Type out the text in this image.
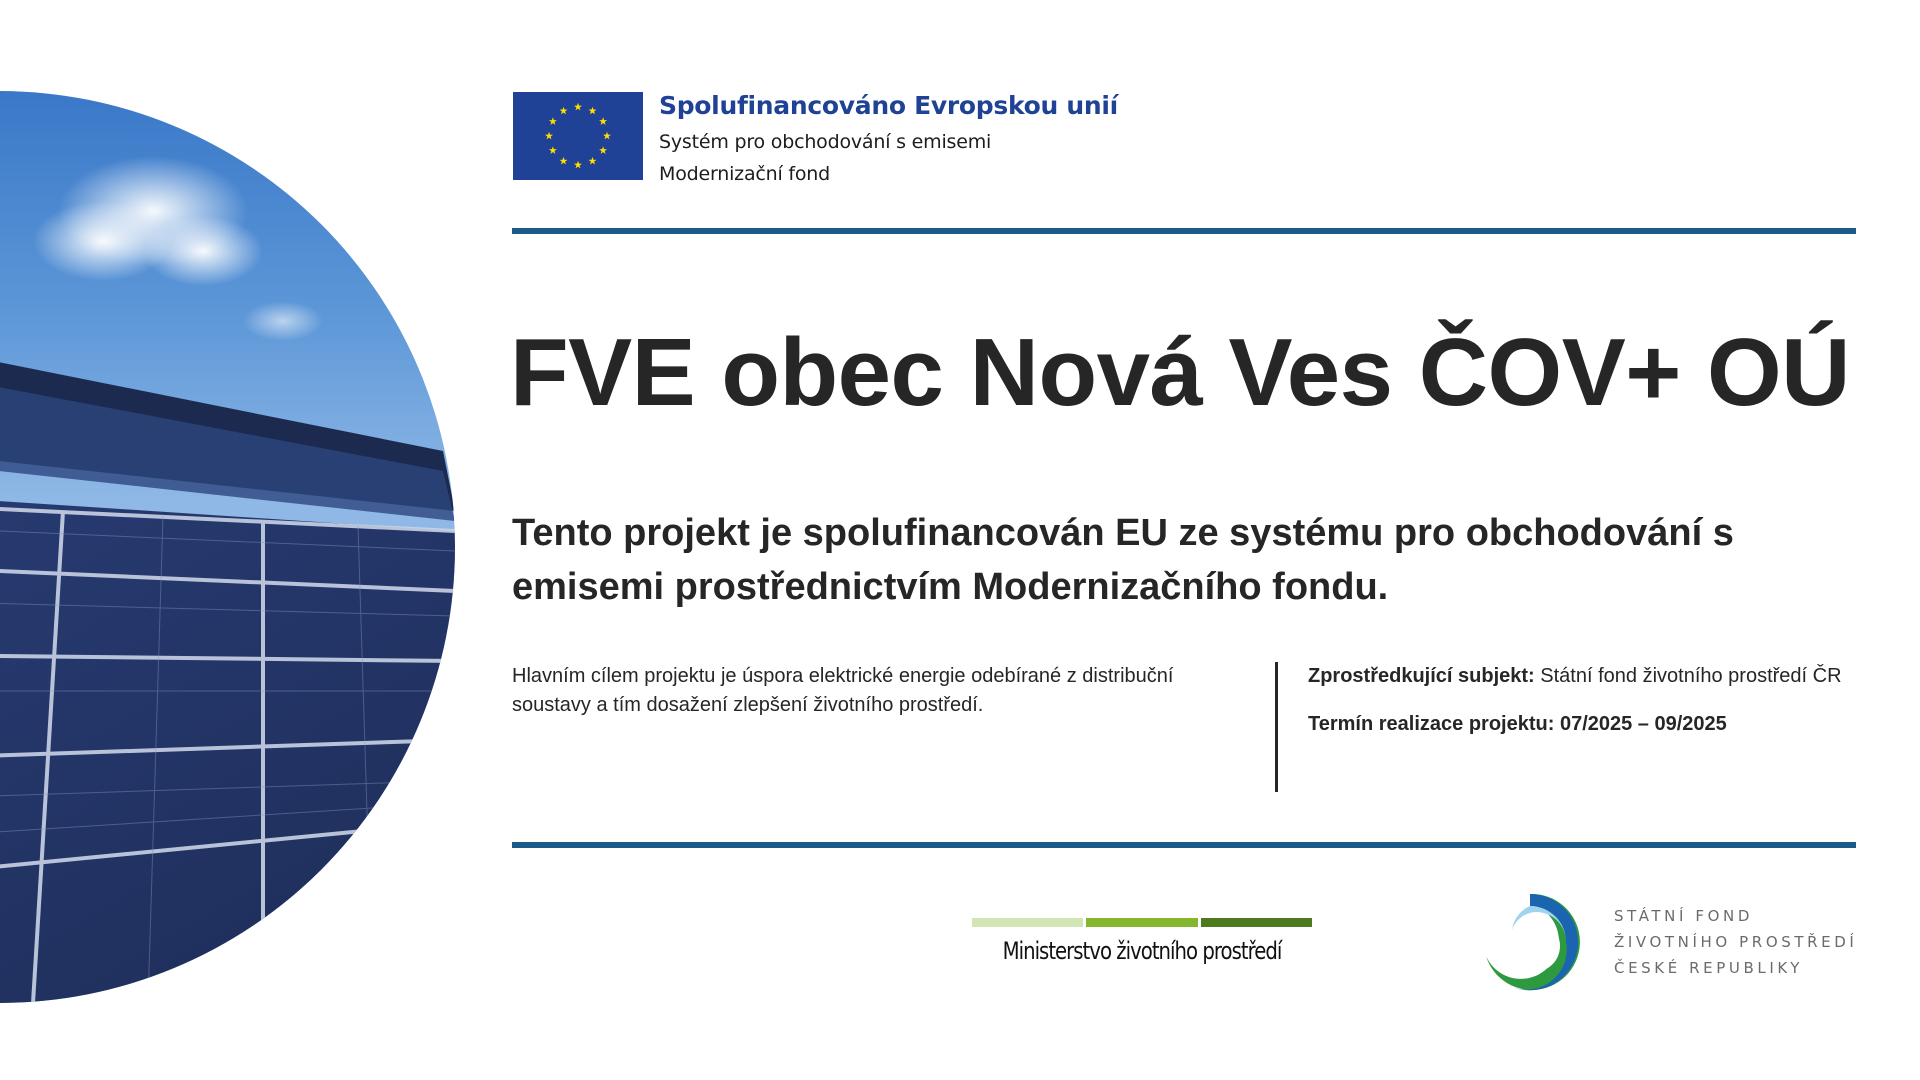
Spolufinancováno Evropskou unií
Systém pro obchodování s emisemi
Modernizační fond
FVE obec Nová Ves ČOV+ OÚ
Tento projekt je spolufinancován EU ze systému pro obchodování s emisemi prostřednictvím Modernizačního fondu.
Hlavním cílem projektu je úspora elektrické energie odebírané z distribuční soustavy a tím dosažení zlepšení životního prostředí.
Zprostředkující subjekt: Státní fond životního prostředí ČR
Termín realizace projektu: 07/2025 – 09/2025
Ministerstvo životního prostředí
STÁTNÍ FOND
ŽIVOTNÍHO PROSTŘEDÍ
ČESKÉ REPUBLIKY
